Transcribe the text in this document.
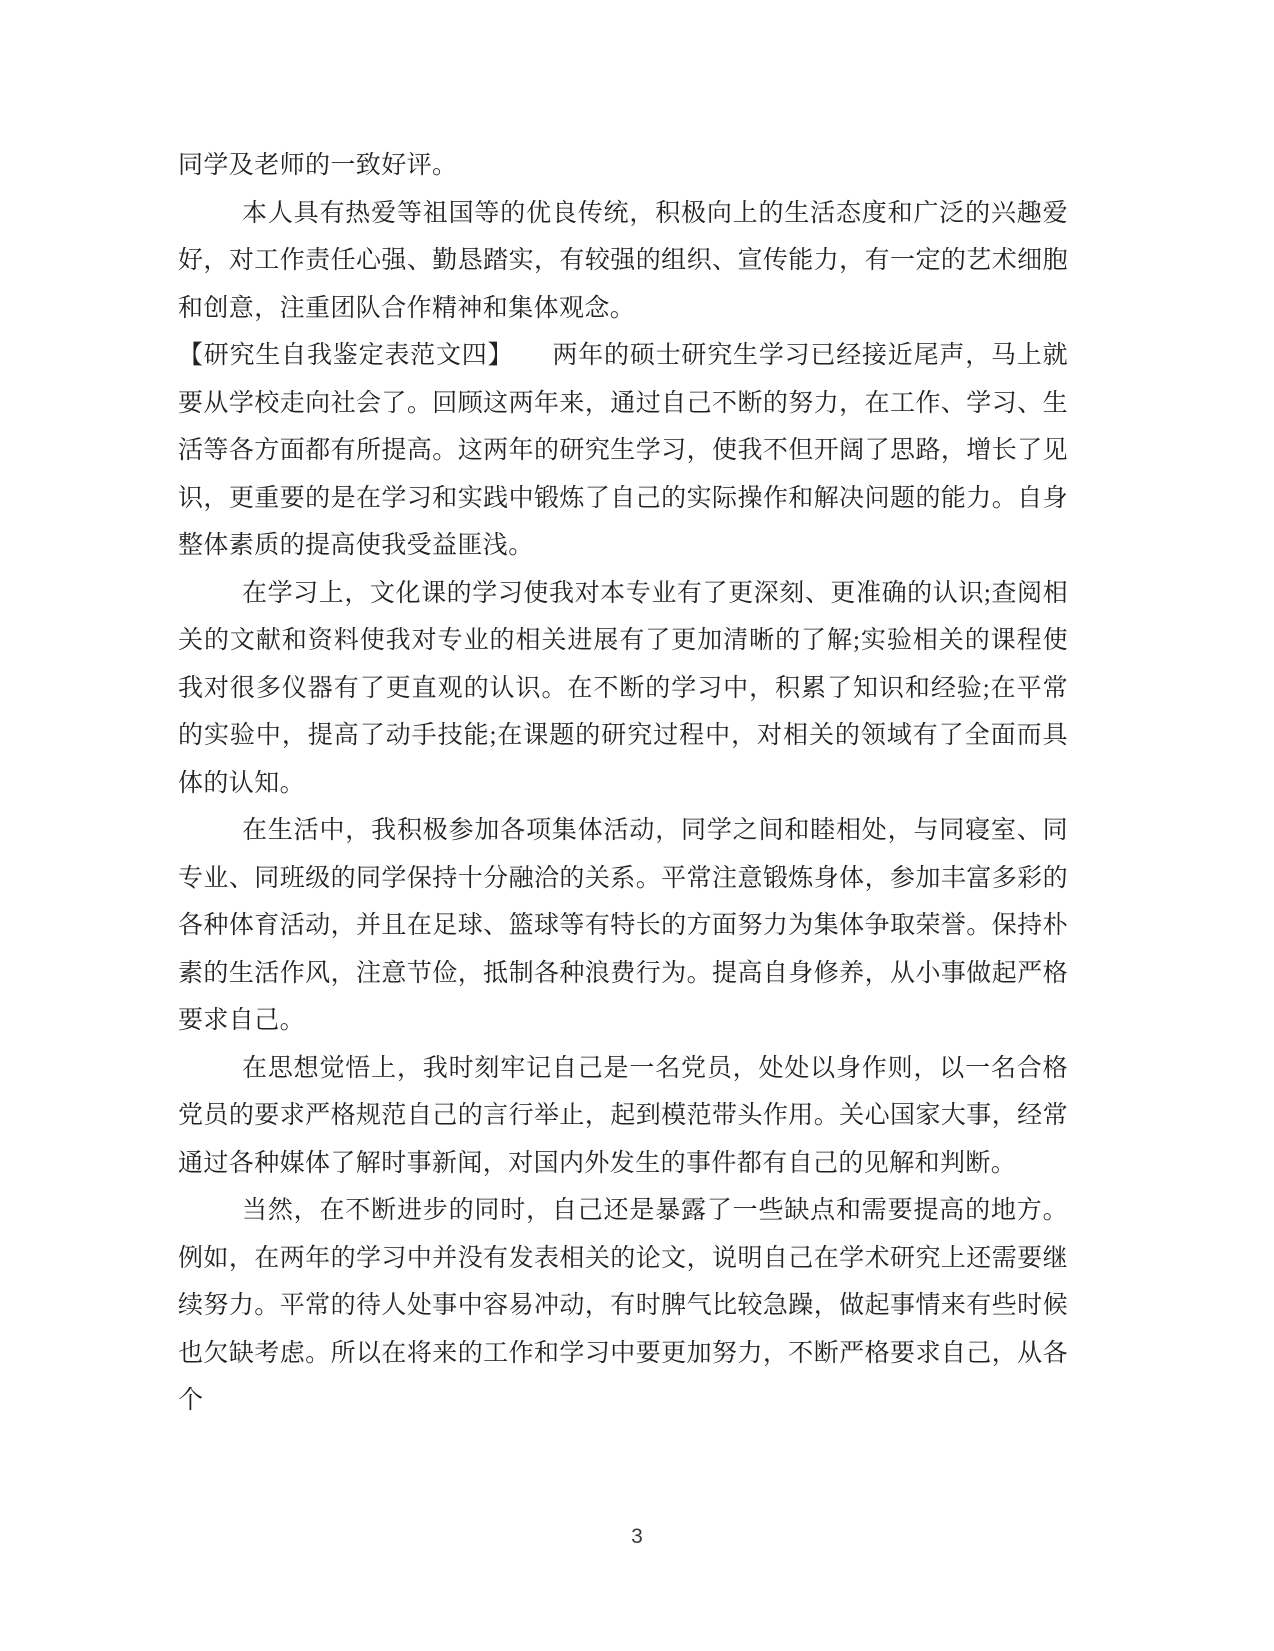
同学及老师的一致好评。

本人具有热爱等祖国等的优良传统，积极向上的生活态度和广泛的兴趣爱好，对工作责任心强、勤恳踏实，有较强的组织、宣传能力，有一定的艺术细胞和创意，注重团队合作精神和集体观念。

【研究生自我鉴定表范文四】　　两年的硕士研究生学习已经接近尾声，马上就要从学校走向社会了。回顾这两年来，通过自己不断的努力，在工作、学习、生活等各方面都有所提高。这两年的研究生学习，使我不但开阔了思路，增长了见识，更重要的是在学习和实践中锻炼了自己的实际操作和解决问题的能力。自身整体素质的提高使我受益匪浅。

在学习上，文化课的学习使我对本专业有了更深刻、更准确的认识;查阅相关的文献和资料使我对专业的相关进展有了更加清晰的了解;实验相关的课程使我对很多仪器有了更直观的认识。在不断的学习中，积累了知识和经验;在平常的实验中，提高了动手技能;在课题的研究过程中，对相关的领域有了全面而具体的认知。

在生活中，我积极参加各项集体活动，同学之间和睦相处，与同寝室、同专业、同班级的同学保持十分融洽的关系。平常注意锻炼身体，参加丰富多彩的各种体育活动，并且在足球、篮球等有特长的方面努力为集体争取荣誉。保持朴素的生活作风，注意节俭，抵制各种浪费行为。提高自身修养，从小事做起严格要求自己。

在思想觉悟上，我时刻牢记自己是一名党员，处处以身作则，以一名合格党员的要求严格规范自己的言行举止，起到模范带头作用。关心国家大事，经常通过各种媒体了解时事新闻，对国内外发生的事件都有自己的见解和判断。

当然，在不断进步的同时，自己还是暴露了一些缺点和需要提高的地方。例如，在两年的学习中并没有发表相关的论文，说明自己在学术研究上还需要继续努力。平常的待人处事中容易冲动，有时脾气比较急躁，做起事情来有些时候也欠缺考虑。所以在将来的工作和学习中要更加努力，不断严格要求自己，从各个

3
